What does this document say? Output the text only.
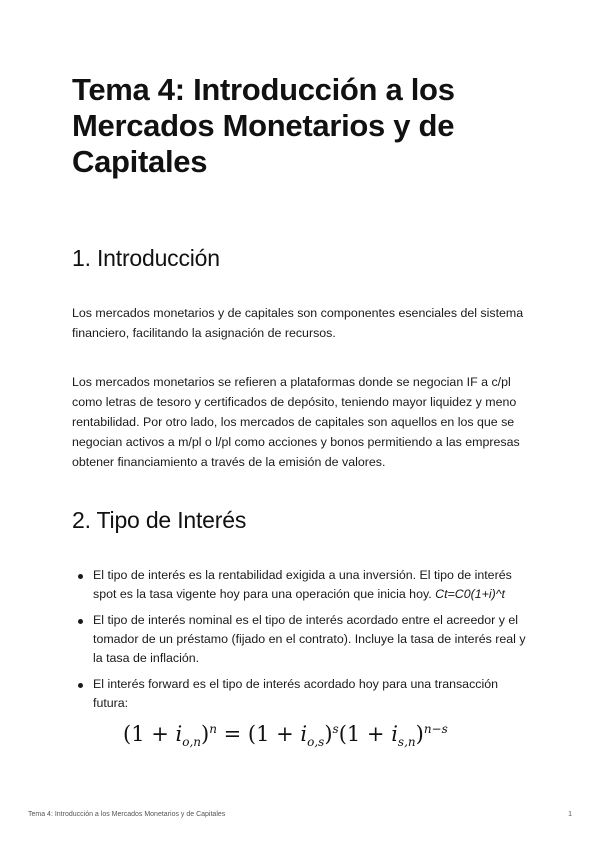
Tema 4: Introducción a los Mercados Monetarios y de Capitales
1. Introducción

Los mercados monetarios y de capitales son componentes esenciales del sistema financiero, facilitando la asignación de recursos.

Los mercados monetarios se refieren a plataformas donde se negocian IF a c/pl como letras de tesoro y certificados de depósito, teniendo mayor liquidez y meno rentabilidad. Por otro lado, los mercados de capitales son aquellos en los que se negocian activos a m/pl o l/pl como acciones y bonos permitiendo a las empresas obtener financiamiento a través de la emisión de valores.

2. Tipo de Interés
El tipo de interés es la rentabilidad exigida a una inversión. El tipo de interés spot es la tasa vigente hoy para una operación que inicia hoy. Ct=C0(1+i)^t
El tipo de interés nominal es el tipo de interés acordado entre el acreedor y el tomador de un préstamo (fijado en el contrato). Incluye la tasa de interés real y la tasa de inflación.
El interés forward es el tipo de interés acordado hoy para una transacción futura:
$(1 + i_{o,n})^n = (1 + i_{o,s})^s(1 + i_{s,n})^{n-s}$
Tema 4: Introducción a los Mercados Monetarios y de Capitales	1
